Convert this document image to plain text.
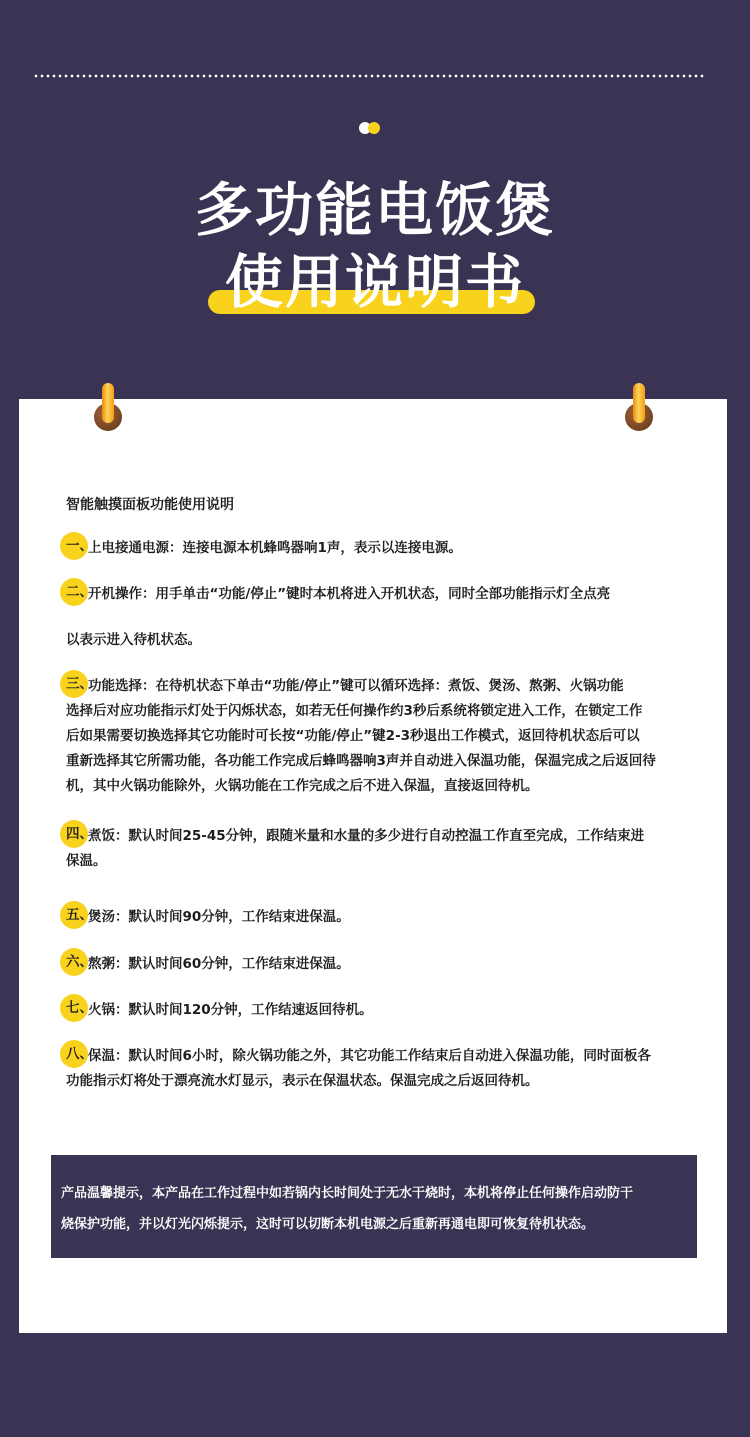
多功能电饭煲
使用说明书
智能触摸面板功能使用说明
一、上电接通电源：连接电源本机蜂鸣器响1声，表示以连接电源。
二、开机操作：用手单击“功能/停止”键时本机将进入开机状态，同时全部功能指示灯全点亮
以表示进入待机状态。
三、功能选择：在待机状态下单击“功能/停止”键可以循环选择：煮饭、煲汤、熬粥、火锅功能
选择后对应功能指示灯处于闪烁状态，如若无任何操作约3秒后系统将锁定进入工作，在锁定工作
后如果需要切换选择其它功能时可长按“功能/停止”键2-3秒退出工作模式，返回待机状态后可以
重新选择其它所需功能，各功能工作完成后蜂鸣器响3声并自动进入保温功能，保温完成之后返回待
机，其中火锅功能除外，火锅功能在工作完成之后不进入保温，直接返回待机。
四、煮饭：默认时间25-45分钟，跟随米量和水量的多少进行自动控温工作直至完成，工作结束进
保温。
五、煲汤：默认时间90分钟，工作结束进保温。
六、熬粥：默认时间60分钟，工作结束进保温。
七、火锅：默认时间120分钟，工作结速返回待机。
八、保温：默认时间6小时，除火锅功能之外，其它功能工作结束后自动进入保温功能，同时面板各
功能指示灯将处于漂亮流水灯显示，表示在保温状态。保温完成之后返回待机。
产品温馨提示，本产品在工作过程中如若锅内长时间处于无水干烧时，本机将停止任何操作启动防干
烧保护功能，并以灯光闪烁提示，这时可以切断本机电源之后重新再通电即可恢复待机状态。
